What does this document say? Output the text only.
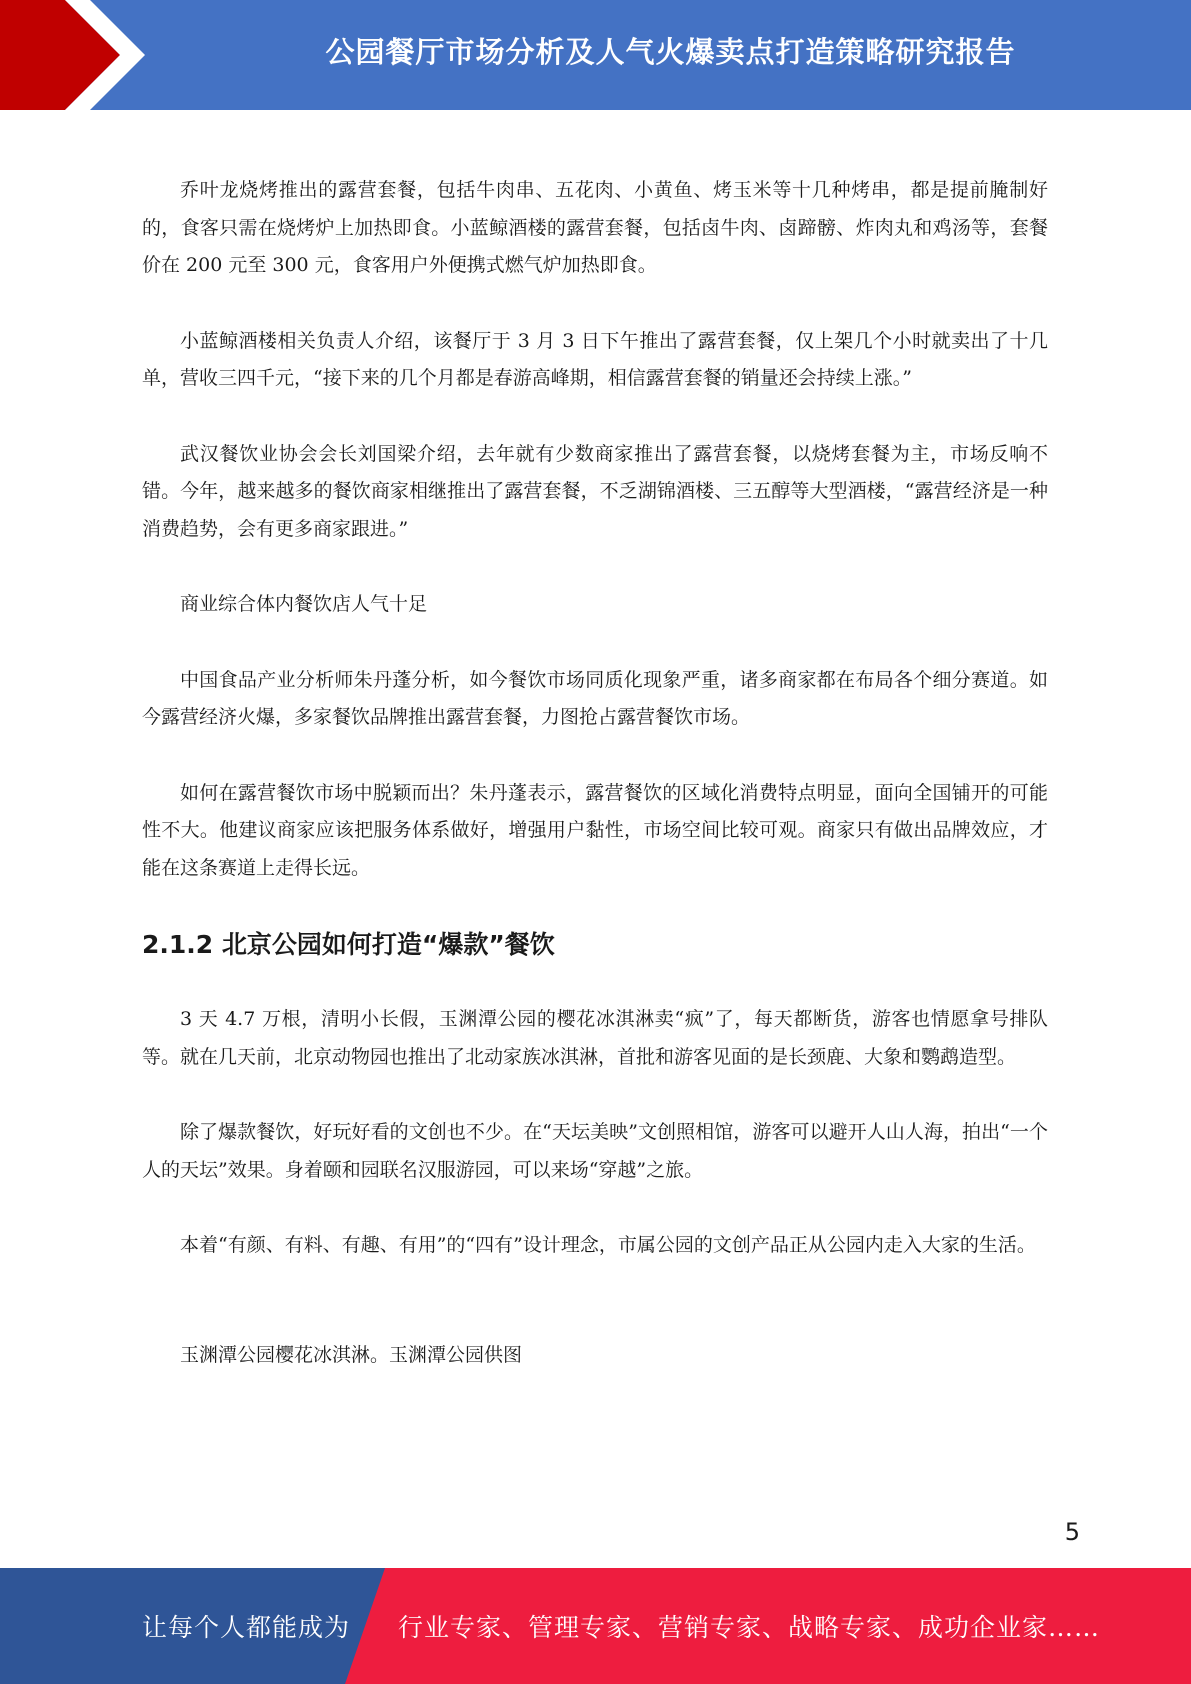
公园餐厅市场分析及人气火爆卖点打造策略研究报告

乔叶龙烧烤推出的露营套餐，包括牛肉串、五花肉、小黄鱼、烤玉米等十几种烤串，都是提前腌制好的，食客只需在烧烤炉上加热即食。小蓝鲸酒楼的露营套餐，包括卤牛肉、卤蹄髈、炸肉丸和鸡汤等，套餐价在 200 元至 300 元，食客用户外便携式燃气炉加热即食。

小蓝鲸酒楼相关负责人介绍，该餐厅于 3 月 3 日下午推出了露营套餐，仅上架几个小时就卖出了十几单，营收三四千元，“接下来的几个月都是春游高峰期，相信露营套餐的销量还会持续上涨。”

武汉餐饮业协会会长刘国梁介绍，去年就有少数商家推出了露营套餐，以烧烤套餐为主，市场反响不错。今年，越来越多的餐饮商家相继推出了露营套餐，不乏湖锦酒楼、三五醇等大型酒楼，“露营经济是一种消费趋势，会有更多商家跟进。”

商业综合体内餐饮店人气十足

中国食品产业分析师朱丹蓬分析，如今餐饮市场同质化现象严重，诸多商家都在布局各个细分赛道。如今露营经济火爆，多家餐饮品牌推出露营套餐，力图抢占露营餐饮市场。

如何在露营餐饮市场中脱颖而出？朱丹蓬表示，露营餐饮的区域化消费特点明显，面向全国铺开的可能性不大。他建议商家应该把服务体系做好，增强用户黏性，市场空间比较可观。商家只有做出品牌效应，才能在这条赛道上走得长远。

2.1.2 北京公园如何打造“爆款”餐饮

3 天 4.7 万根，清明小长假，玉渊潭公园的樱花冰淇淋卖“疯”了，每天都断货，游客也情愿拿号排队等。就在几天前，北京动物园也推出了北动家族冰淇淋，首批和游客见面的是长颈鹿、大象和鹦鹉造型。

除了爆款餐饮，好玩好看的文创也不少。在“天坛美映”文创照相馆，游客可以避开人山人海，拍出“一个人的天坛”效果。身着颐和园联名汉服游园，可以来场“穿越”之旅。

本着“有颜、有料、有趣、有用”的“四有”设计理念，市属公园的文创产品正从公园内走入大家的生活。

玉渊潭公园樱花冰淇淋。玉渊潭公园供图

5
让每个人都能成为 行业专家、管理专家、营销专家、战略专家、成功企业家……
